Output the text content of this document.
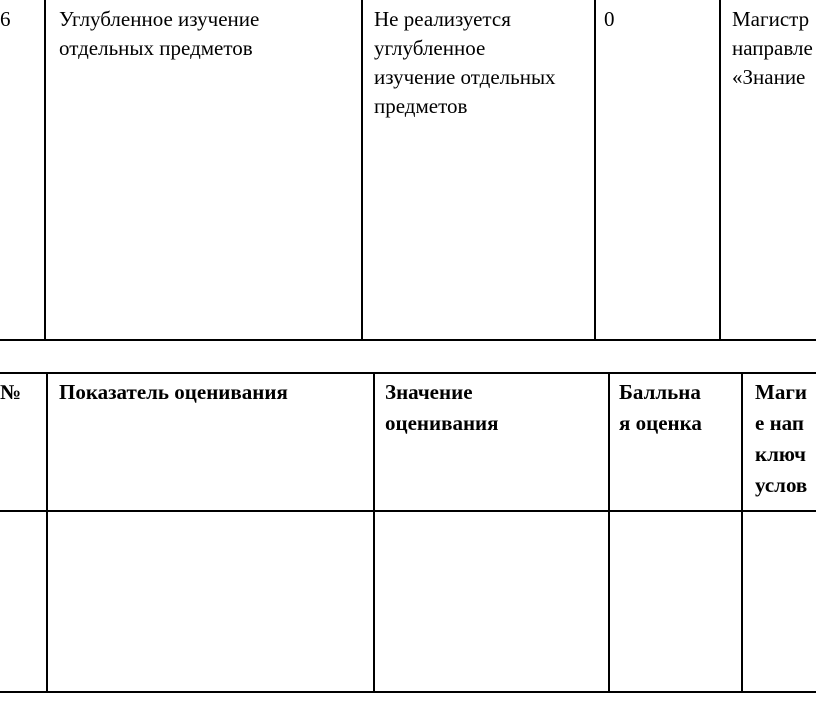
6 Углубленное изучение
отдельных предметов
Не реализуется
углубленное
изучение отдельных
предметов
0	Магистр
направле
«Знание
№ Показатель оценивания	Значение
оценивания
Балльна
я оценка
Маги
е нап
ключ
услов
